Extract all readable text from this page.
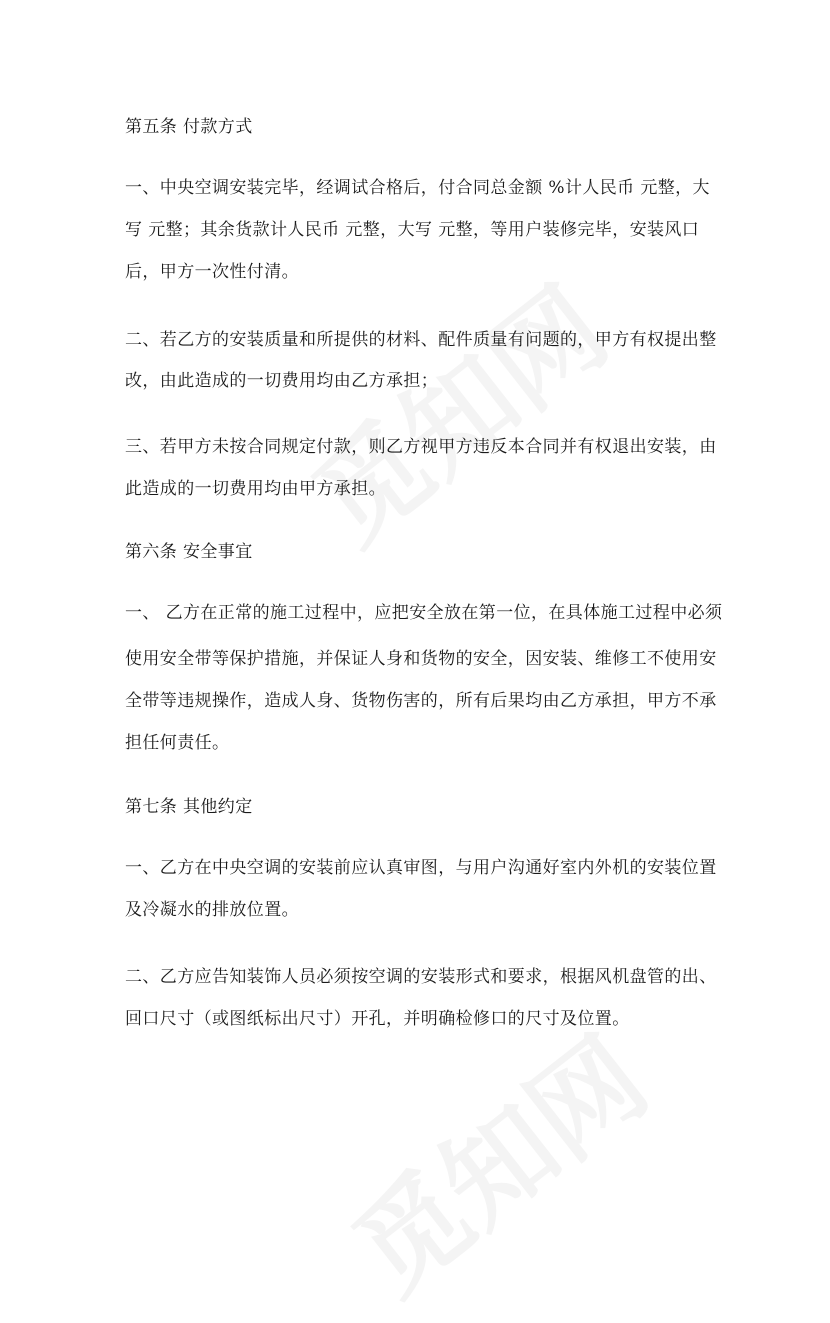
第五条 付款方式
一、中央空调安装完毕，经调试合格后，付合同总金额 %计人民币 元整，大
写 元整；其余货款计人民币 元整，大写 元整，等用户装修完毕，安装风口
后，甲方一次性付清。
二、若乙方的安装质量和所提供的材料、配件质量有问题的，甲方有权提出整
改，由此造成的一切费用均由乙方承担；
三、若甲方未按合同规定付款，则乙方视甲方违反本合同并有权退出安装，由
此造成的一切费用均由甲方承担。
第六条 安全事宜
一、 乙方在正常的施工过程中，应把安全放在第一位，在具体施工过程中必须
使用安全带等保护措施，并保证人身和货物的安全，因安装、维修工不使用安
全带等违规操作，造成人身、货物伤害的，所有后果均由乙方承担，甲方不承
担任何责任。
第七条 其他约定
一、乙方在中央空调的安装前应认真审图，与用户沟通好室内外机的安装位置
及冷凝水的排放位置。
二、乙方应告知装饰人员必须按空调的安装形式和要求，根据风机盘管的出、
回口尺寸（或图纸标出尺寸）开孔，并明确检修口的尺寸及位置。
